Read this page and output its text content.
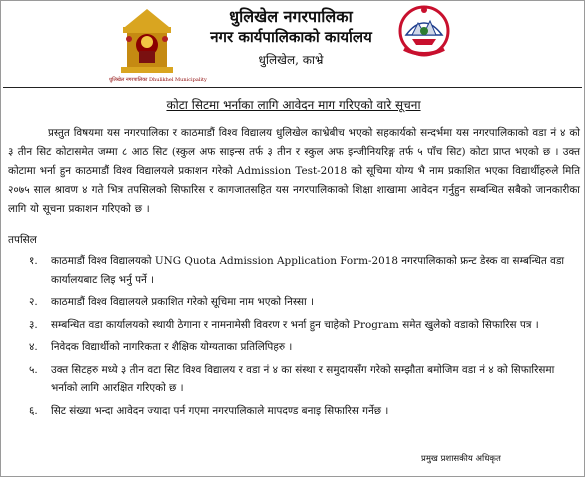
धुलिखेल नगरपालिका Dhulikhel Municipality
धुलिखेल नगरपालिका
नगर कार्यपालिकाको कार्यालय
धुलिखेल, काभ्रे
कोटा सिटमा भर्नाका लागि आवेदन माग गरिएको वारे सूचना
प्रस्तुत विषयमा यस नगरपालिका र काठमाडौं विश्व विद्यालय धुलिखेल काभ्रेबीच भएको सहकार्यको सन्दर्भमा यस नगरपालिकाको वडा नं ४ को ३ तीन सिट कोटासमेत जम्मा ८ आठ सिट (स्कुल अफ साइन्स तर्फ ३ तीन र स्कुल अफ इन्जीनियरिङ्ग तर्फ ५ पाँच सिट) कोटा प्राप्त भएको छ । उक्त कोटामा भर्ना हुन काठमाडौं विश्व विद्यालयले प्रकाशन गरेको Admission Test-2018 को सूचिमा योग्य भै नाम प्रकाशित भएका विद्यार्थीहरुले मिति २०७५ साल श्रावण ४ गते भित्र तपसिलको सिफारिस र कागजातसहित यस नगरपालिकाको शिक्षा शाखामा आवेदन गर्नुहुन सम्बन्धित सबैको जानकारीका लागि यो सूचना प्रकाशन गरिएको छ ।
तपसिल
१. काठमाडौं विश्व विद्यालयको UNG Quota Admission Application Form-2018 नगरपालिकाको फ्रन्ट डेस्क वा सम्बन्धित वडा कार्यालयबाट लिइ भर्नु पर्ने ।
२. काठमाडौं विश्व विद्यालयले प्रकाशित गरेको सूचिमा नाम भएको निस्सा ।
३. सम्बन्धित वडा कार्यालयको स्थायी ठेगाना र नामनामेसी विवरण र भर्ना हुन चाहेको Program समेत खुलेको वडाको सिफारिस पत्र ।
४. निवेदक विद्यार्थीको नागरिकता र शैक्षिक योग्यताका प्रतिलिपिहरु ।
५. उक्त सिटहरु मध्ये ३ तीन वटा सिट विश्व विद्यालय र वडा नं ४ का संस्था र समुदायसँग गरेको सम्झौता बमोजिम वडा नं ४ को सिफारिसमा भर्नाको लागि आरक्षित गरिएको छ ।
६. सिट संख्या भन्दा आवेदन ज्यादा पर्न गएमा नगरपालिकाले मापदण्ड बनाइ सिफारिस गर्नेछ ।
प्रमुख प्रशासकीय अधिकृत
